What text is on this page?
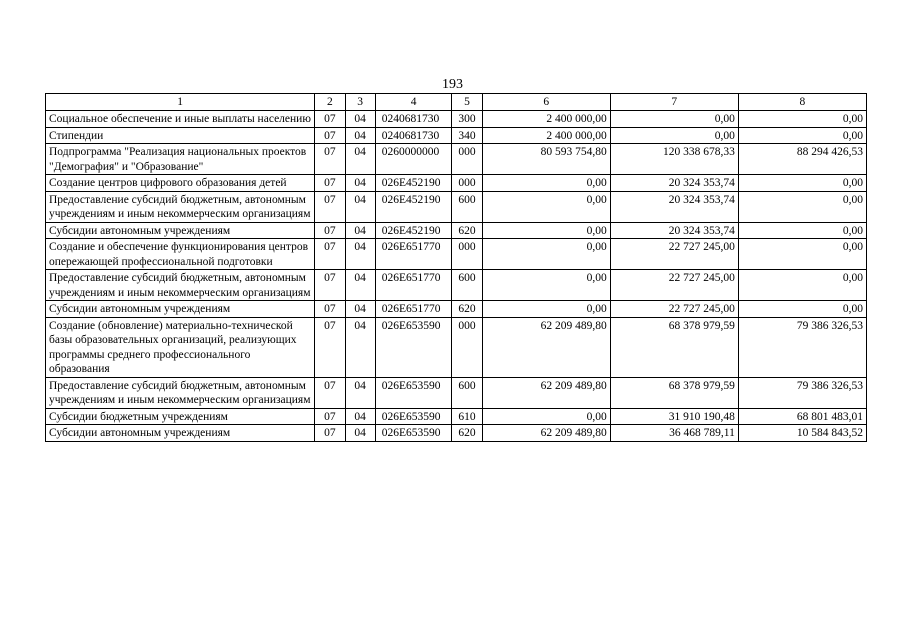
193
1	2	3	4	5	6	7	8
Социальное обеспечение и иные выплаты населению	07	04	0240681730	300	2 400 000,00	0,00	0,00
Стипендии	07	04	0240681730	340	2 400 000,00	0,00	0,00
Подпрограмма "Реализация национальных проектов "Демография" и "Образование"	07	04	0260000000	000	80 593 754,80	120 338 678,33	88 294 426,53
Создание центров цифрового образования детей	07	04	026E452190	000	0,00	20 324 353,74	0,00
Предоставление субсидий бюджетным, автономным учреждениям и иным некоммерческим организациям	07	04	026E452190	600	0,00	20 324 353,74	0,00
Субсидии автономным учреждениям	07	04	026E452190	620	0,00	20 324 353,74	0,00
Создание и обеспечение функционирования центров опережающей профессиональной подготовки	07	04	026E651770	000	0,00	22 727 245,00	0,00
Предоставление субсидий бюджетным, автономным учреждениям и иным некоммерческим организациям	07	04	026E651770	600	0,00	22 727 245,00	0,00
Субсидии автономным учреждениям	07	04	026E651770	620	0,00	22 727 245,00	0,00
Создание (обновление) материально-технической базы образовательных организаций, реализующих программы среднего профессионального образования	07	04	026E653590	000	62 209 489,80	68 378 979,59	79 386 326,53
Предоставление субсидий бюджетным, автономным учреждениям и иным некоммерческим организациям	07	04	026E653590	600	62 209 489,80	68 378 979,59	79 386 326,53
Субсидии бюджетным учреждениям	07	04	026E653590	610	0,00	31 910 190,48	68 801 483,01
Субсидии автономным учреждениям	07	04	026E653590	620	62 209 489,80	36 468 789,11	10 584 843,52
